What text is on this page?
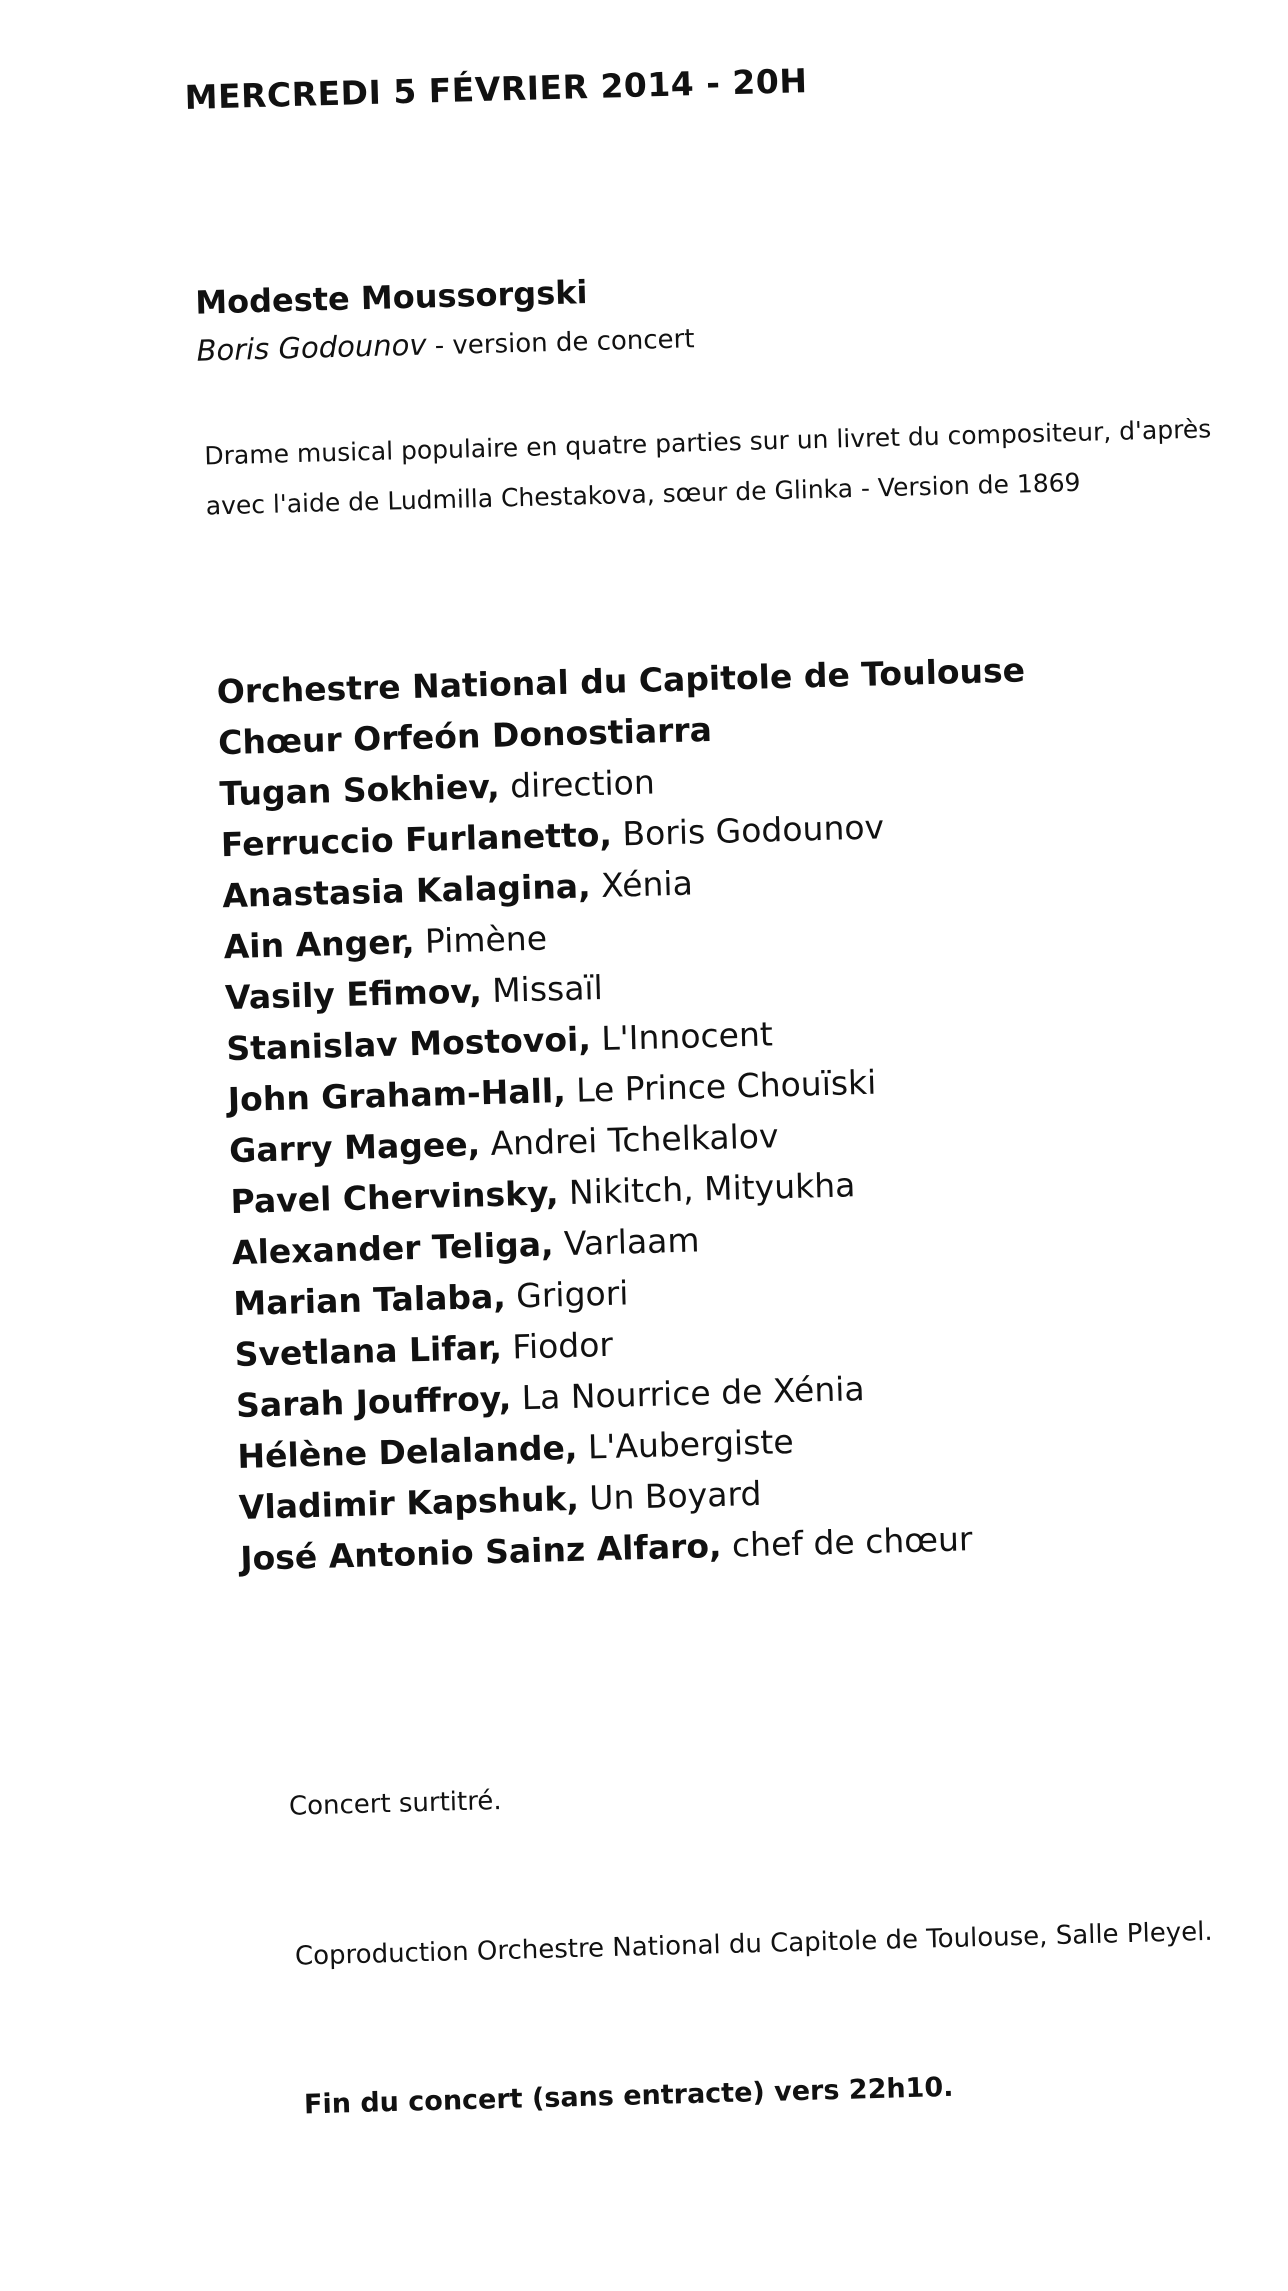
MERCREDI 5 FÉVRIER 2014 - 20H
Modeste Moussorgski
Boris Godounov - version de concert
Drame musical populaire en quatre parties sur un livret du compositeur, d'après
avec l'aide de Ludmilla Chestakova, sœur de Glinka - Version de 1869
Orchestre National du Capitole de Toulouse
Chœur Orfeón Donostiarra
Tugan Sokhiev, direction
Ferruccio Furlanetto, Boris Godounov
Anastasia Kalagina, Xénia
Ain Anger, Pimène
Vasily Efimov, Missaïl
Stanislav Mostovoi, L'Innocent
John Graham-Hall, Le Prince Chouïski
Garry Magee, Andrei Tchelkalov
Pavel Chervinsky, Nikitch, Mityukha
Alexander Teliga, Varlaam
Marian Talaba, Grigori
Svetlana Lifar, Fiodor
Sarah Jouffroy, La Nourrice de Xénia
Hélène Delalande, L'Aubergiste
Vladimir Kapshuk, Un Boyard
José Antonio Sainz Alfaro, chef de chœur
Concert surtitré.
Coproduction Orchestre National du Capitole de Toulouse, Salle Pleyel.
Fin du concert (sans entracte) vers 22h10.
